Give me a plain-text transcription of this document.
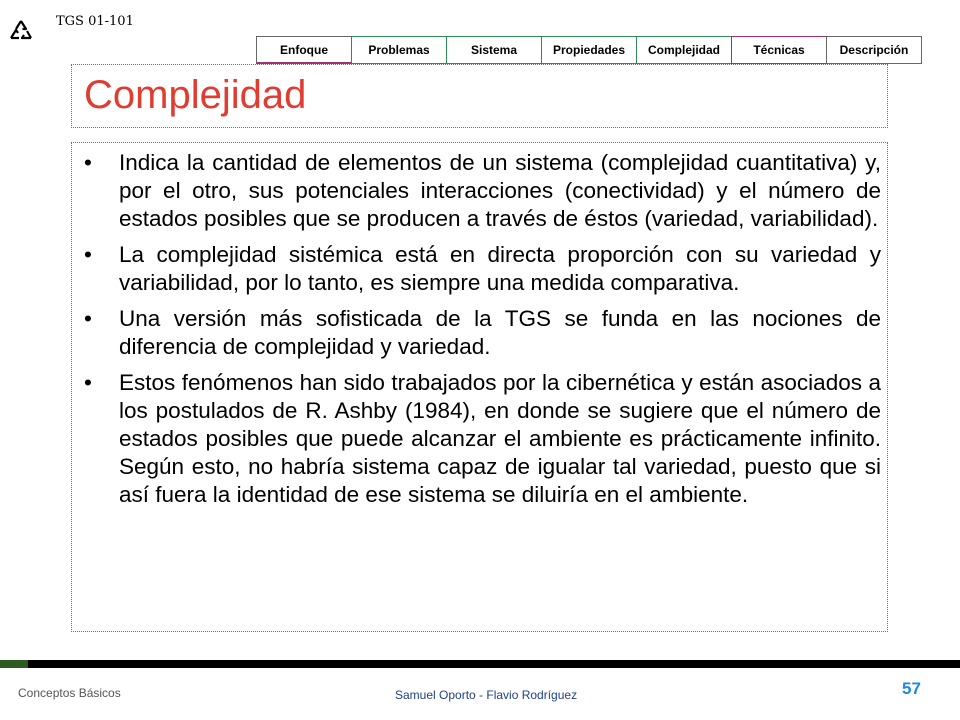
TGS 01-101
Enfoque	Problemas	Sistema	Propiedades	Complejidad	Técnicas	Descripción
Complejidad
• Indica la cantidad de elementos de un sistema (complejidad cuantitativa) y, por el otro, sus potenciales interacciones (conectividad) y el número de estados posibles que se producen a través de éstos (variedad, variabilidad).
• La complejidad sistémica está en directa proporción con su variedad y variabilidad, por lo tanto, es siempre una medida comparativa.
• Una versión más sofisticada de la TGS se funda en las nociones de diferencia de complejidad y variedad.
• Estos fenómenos han sido trabajados por la cibernética y están asociados a los postulados de R. Ashby (1984), en donde se sugiere que el número de estados posibles que puede alcanzar el ambiente es prácticamente infinito. Según esto, no habría sistema capaz de igualar tal variedad, puesto que si así fuera la identidad de ese sistema se diluiría en el ambiente.
Conceptos Básicos	Samuel Oporto - Flavio Rodríguez	57
